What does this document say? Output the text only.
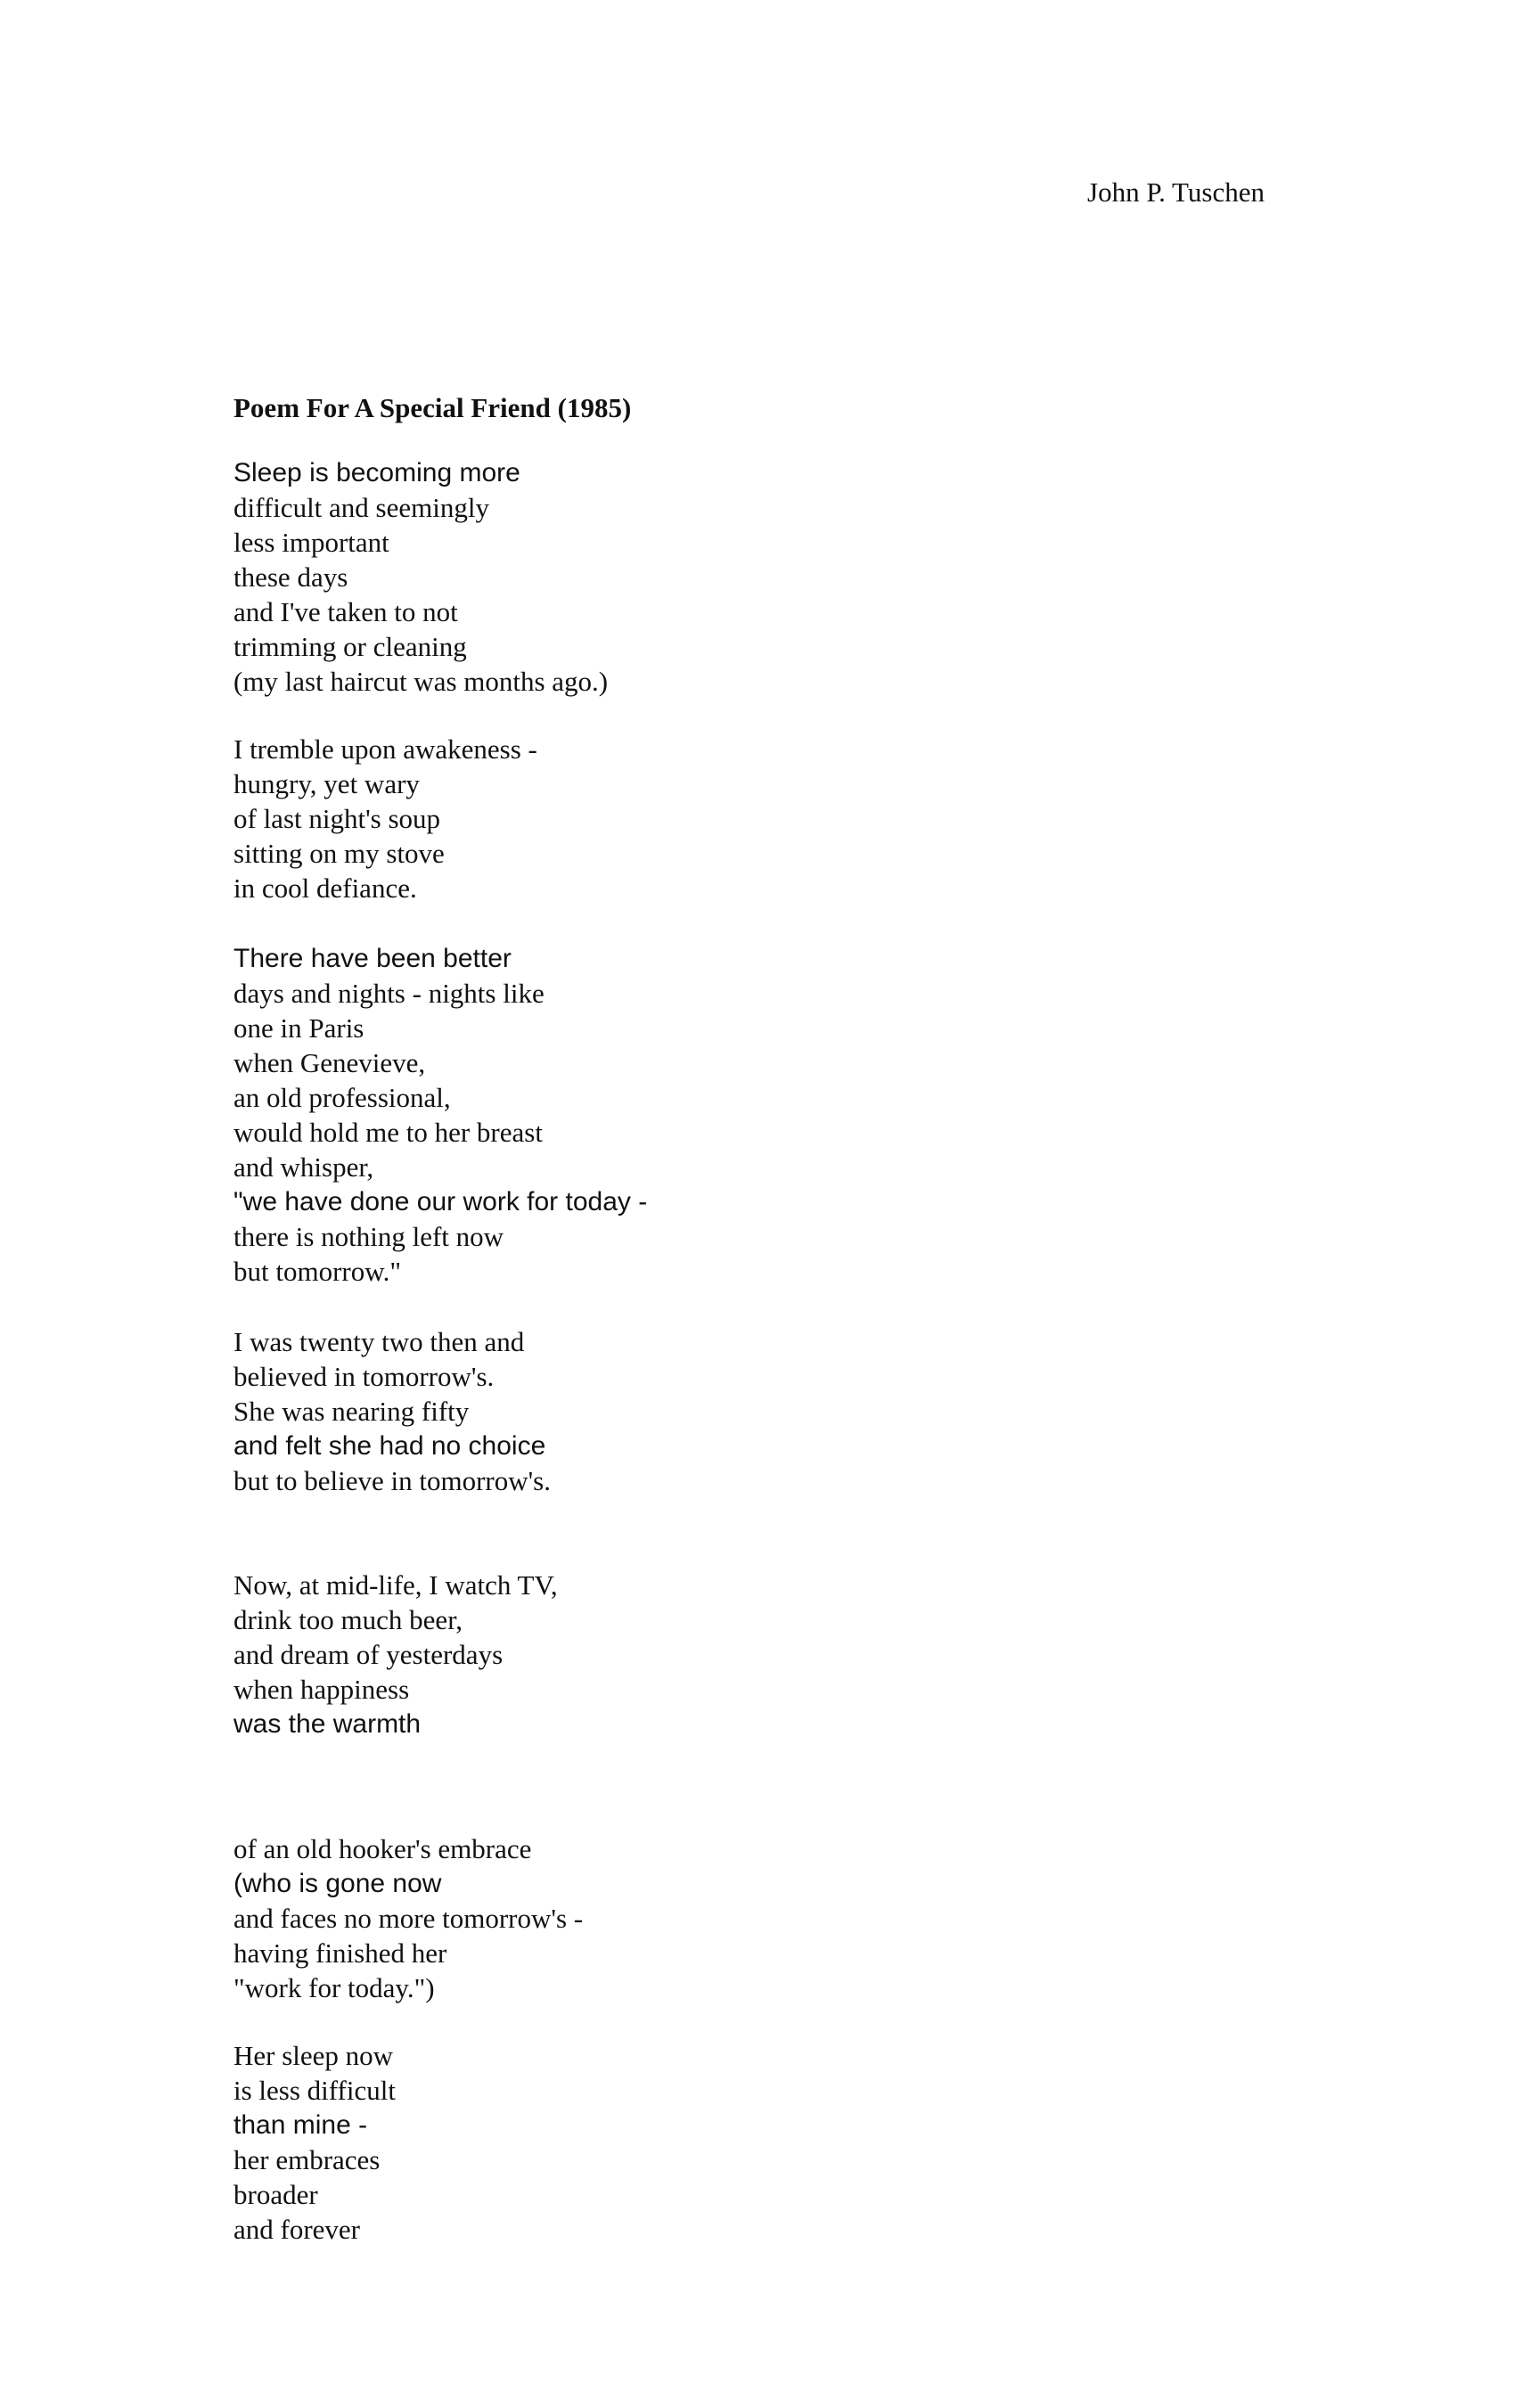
John P. Tuschen
Poem For A Special Friend (1985)
Sleep is becoming more
difficult and seemingly
less important
these days
and I've taken to not
trimming or cleaning
(my last haircut was months ago.)
I tremble upon awakeness -
hungry, yet wary
of last night's soup
sitting on my stove
in cool defiance.
There have been better
days and nights - nights like
one in Paris
when Genevieve,
an old professional,
would hold me to her breast
and whisper,
"we have done our work for today -
there is nothing left now
but tomorrow."
I was twenty two then and
believed in tomorrow's.
She was nearing fifty
and felt she had no choice
but to believe in tomorrow's.
Now, at mid-life, I watch TV,
drink too much beer,
and dream of yesterdays
when happiness
was the warmth
of an old hooker's embrace
(who is gone now
and faces no more tomorrow's -
having finished her
"work for today.")
Her sleep now
is less difficult
than mine -
her embraces
broader
and forever
